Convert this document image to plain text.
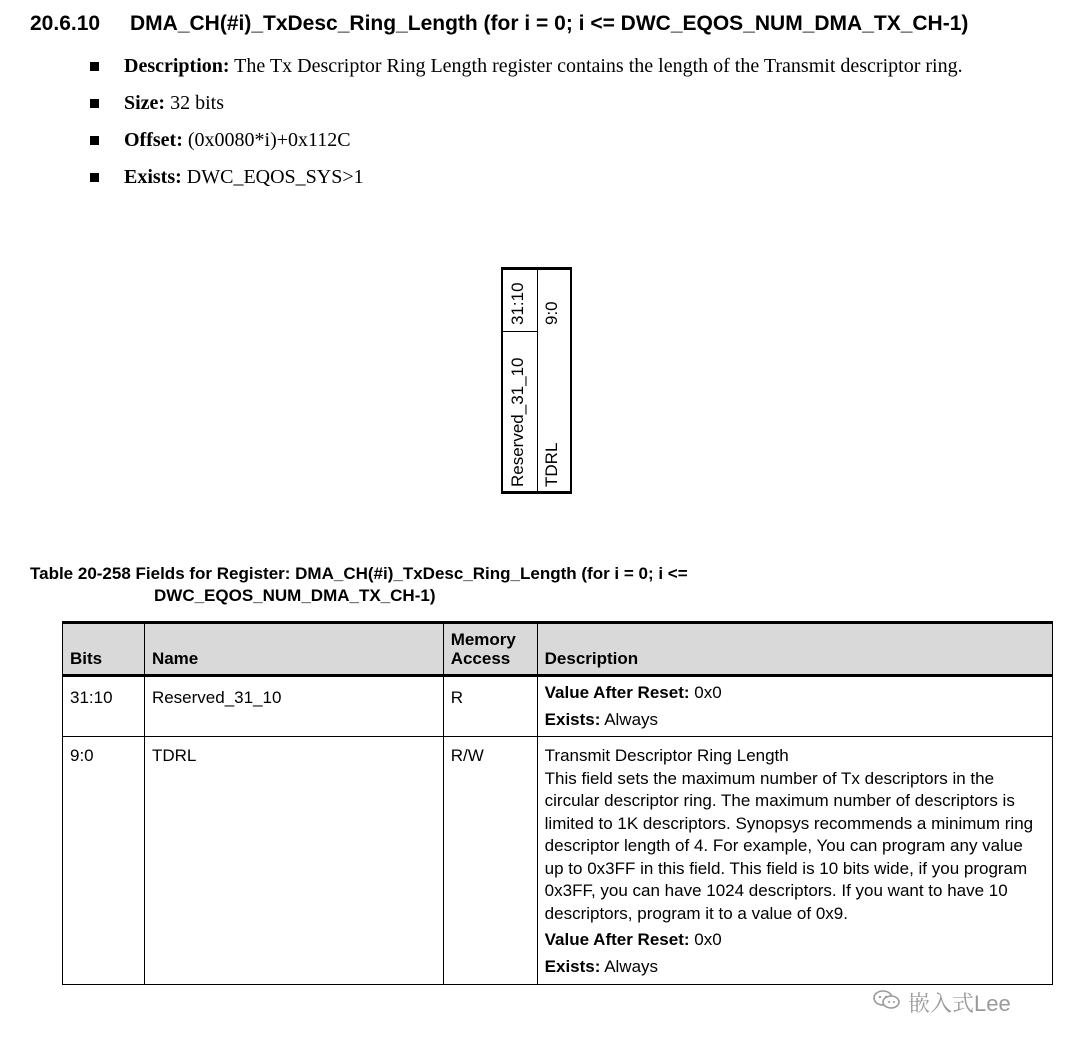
20.6.10 DMA_CH(#i)_TxDesc_Ring_Length (for i = 0; i <= DWC_EQOS_NUM_DMA_TX_CH-1)
Description: The Tx Descriptor Ring Length register contains the length of the Transmit descriptor ring.
Size: 32 bits
Offset: (0x0080*i)+0x112C
Exists: DWC_EQOS_SYS>1
31:10
Reserved_31_10
9:0
TDRL
Table 20-258 Fields for Register: DMA_CH(#i)_TxDesc_Ring_Length (for i = 0; i <=
DWC_EQOS_NUM_DMA_TX_CH-1)
Bits	Name	Memory
Access	Description
31:10	Reserved_31_10	R	Value After Reset: 0x0

Exists: Always

9:0	TDRL	R/W	Transmit Descriptor Ring Length

This field sets the maximum number of Tx descriptors in the circular descriptor ring. The maximum number of descriptors is limited to 1K descriptors. Synopsys recommends a minimum ring descriptor length of 4. For example, You can program any value up to 0x3FF in this field. This field is 10 bits wide, if you program 0x3FF, you can have 1024 descriptors. If you want to have 10 descriptors, program it to a value of 0x9.

Value After Reset: 0x0

Exists: Always

嵌入式Lee
